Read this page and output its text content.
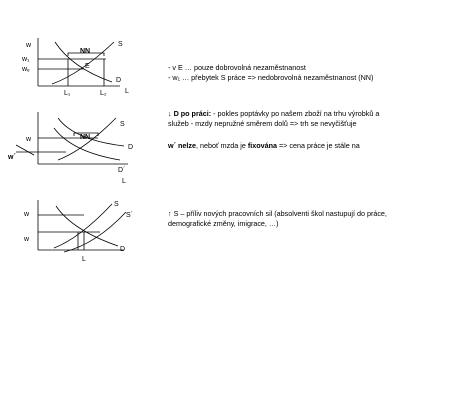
w
w₁
wₑ
NN
E
S
D
L₁	L₂	L
w
w´
NN
S
D
D´
L
w
w
S
S´
D
L
- v E … pouze dobrovolná nezaměstnanost
- w₁ … přebytek S práce => nedobrovolná nezaměstnanost (NN)
↓ D po práci: - pokles poptávky po našem zboží na trhu výrobků a
služeb - mzdy nepružné směrem dolů => trh se nevyčišťuje
w´ nelze, neboť mzda je fixována => cena práce je stále na
↑ S – příliv nových pracovních sil (absolventi škol nastupují do práce,
demografické změny, imigrace, …)
